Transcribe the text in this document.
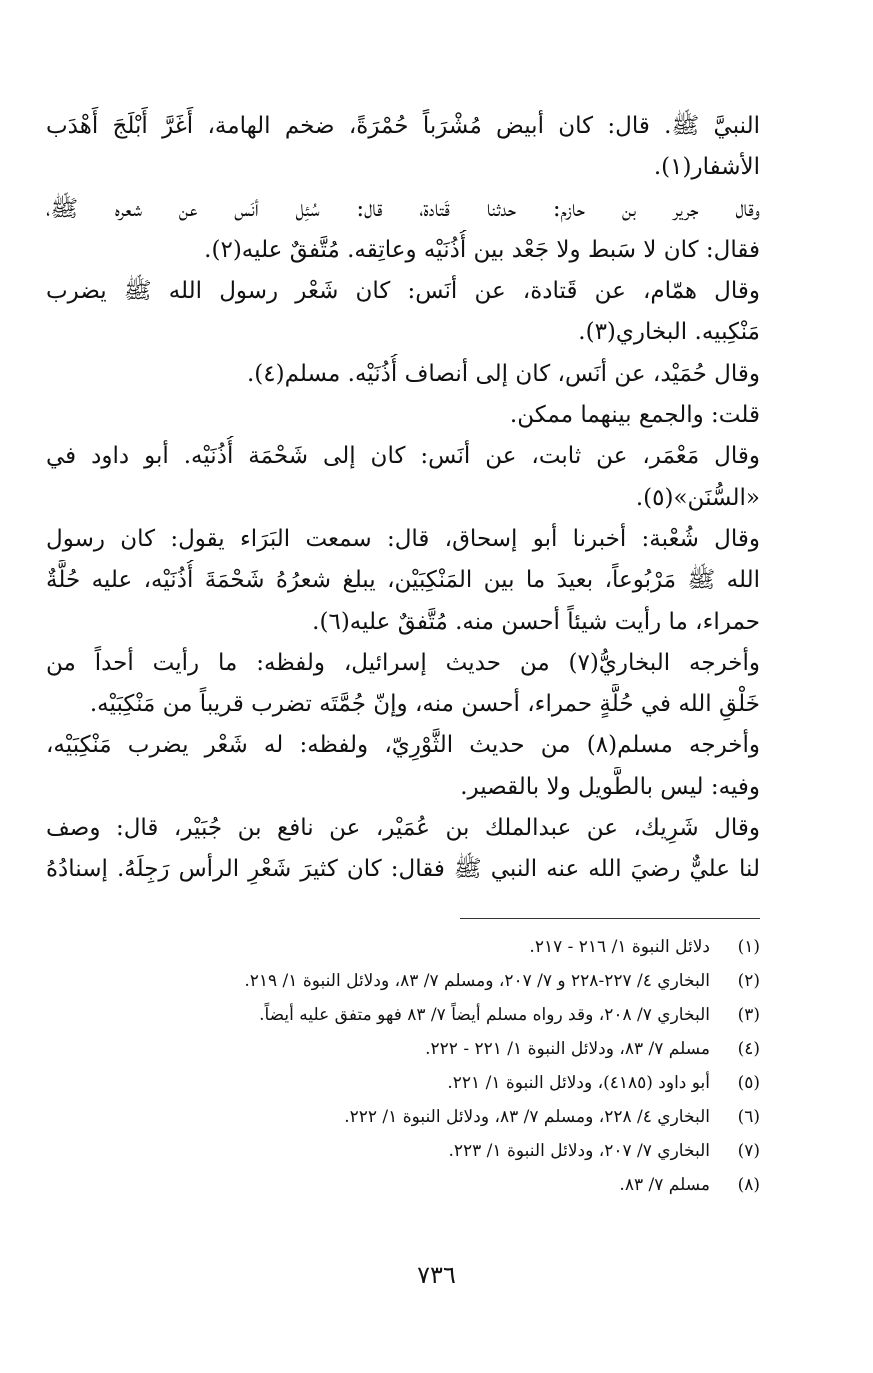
النبيَّ ﷺ. قال: كان أبيض مُشْرَباً حُمْرَةً، ضخم الهامة، أَغَرَّ أَبْلَجَ أَهْدَب
الأشفار(١).
وقال جرير بن حازم: حدثنا قَتادة، قال: سُئِل أنَس عن شعره ﷺ،
فقال: كان لا سَبط ولا جَعْد بين أُذُنَيْه وعاتِقه. مُتَّفقٌ عليه(٢).
وقال همّام، عن قَتادة، عن أنَس: كان شَعْر رسول الله ﷺ يضرب
مَنْكِبيه. البخاري(٣).
وقال حُمَيْد، عن أنَس، كان إلى أنصاف أُذُنَيْه. مسلم(٤).
قلت: والجمع بينهما ممكن.
وقال مَعْمَر، عن ثابت، عن أنَس: كان إلى شَحْمَة أُذُنَيْه. أبو داود في
«السُّنَن»(٥).
وقال شُعْبة: أخبرنا أبو إسحاق، قال: سمعت البَرَاء يقول: كان رسول
الله ﷺ مَرْبُوعاً، بعيدَ ما بين المَنْكِبَيْن، يبلغ شعرُهُ شَحْمَةَ أُذُنَيْه، عليه حُلَّةٌ
حمراء، ما رأيت شيئاً أحسن منه. مُتَّفقٌ عليه(٦).
وأخرجه البخاريُّ(٧) من حديث إسرائيل، ولفظه: ما رأيت أحداً من
خَلْقِ الله في حُلَّةٍ حمراء، أحسن منه، وإنّ جُمَّتَه تضرب قريباً من مَنْكِبَيْه.
وأخرجه مسلم(٨) من حديث الثَّوْرِيّ، ولفظه: له شَعْر يضرب مَنْكِبَيْه،
وفيه: ليس بالطَّويل ولا بالقصير.
وقال شَرِيك، عن عبدالملك بن عُمَيْر، عن نافع بن جُبَيْر، قال: وصف
لنا عليٌّ رضيَ الله عنه النبي ﷺ فقال: كان كثيرَ شَعْرِ الرأس رَجِلَهُ. إسنادُهُ
(١)دلائل النبوة ١/ ٢١٦ - ٢١٧.
(٢)البخاري ٤/ ٢٢٧-٢٢٨ و ٧/ ٢٠٧، ومسلم ٧/ ٨٣، ودلائل النبوة ١/ ٢١٩.
(٣)البخاري ٧/ ٢٠٨، وقد رواه مسلم أيضاً ٧/ ٨٣ فهو متفق عليه أيضاً.
(٤)مسلم ٧/ ٨٣، ودلائل النبوة ١/ ٢٢١ - ٢٢٢.
(٥)أبو داود (٤١٨٥)، ودلائل النبوة ١/ ٢٢١.
(٦)البخاري ٤/ ٢٢٨، ومسلم ٧/ ٨٣، ودلائل النبوة ١/ ٢٢٢.
(٧)البخاري ٧/ ٢٠٧، ودلائل النبوة ١/ ٢٢٣.
(٨)مسلم ٧/ ٨٣.
٧٣٦
